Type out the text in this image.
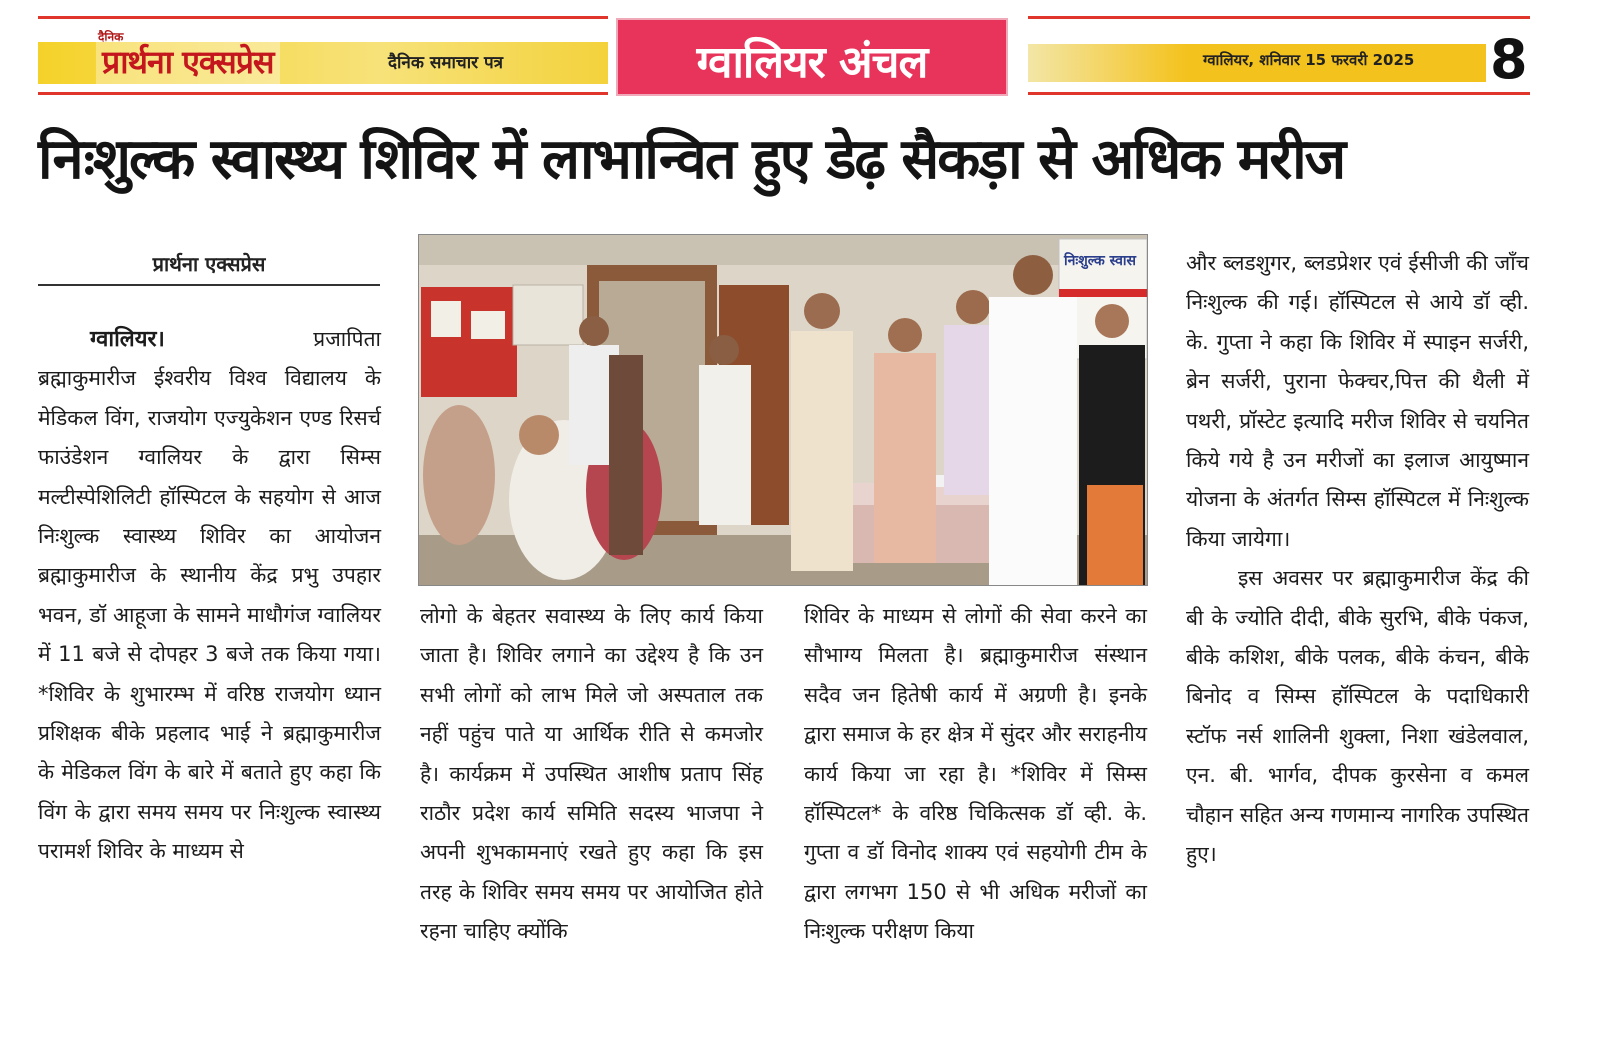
दैनिक
प्रार्थना एक्सप्रेस	दैनिक समाचार पत्र	ग्वालियर अंचल	ग्वालियर, शनिवार 15 फरवरी 2025 8
निःशुल्क स्वास्थ्य शिविर में लाभान्वित हुए डेढ़ सैकड़ा से अधिक मरीज
प्रार्थना एक्सप्रेस

ग्वालियर।	प्रजापिता ब्रह्माकुमारीज ईश्वरीय विश्व विद्यालय के मेडिकल विंग, राजयोग एज्युकेशन एण्ड रिसर्च फाउंडेशन ग्वालियर के द्वारा सिम्स मल्टीस्पेशिलिटी हॉस्पिटल के सहयोग से आज निःशुल्क स्वास्थ्य शिविर का आयोजन ब्रह्माकुमारीज के स्थानीय केंद्र प्रभु उपहार भवन, डॉ आहूजा के सामने माधौगंज ग्वालियर में 11 बजे से दोपहर 3 बजे तक किया गया। *शिविर के शुभारम्भ में वरिष्ठ राजयोग ध्यान प्रशिक्षक बीके प्रहलाद भाई ने ब्रह्माकुमारीज के मेडिकल विंग के बारे में बताते हुए कहा कि विंग के द्वारा समय समय पर निःशुल्क स्वास्थ्य परामर्श शिविर के माध्यम से

निःशुल्क स्वास

लोगो के बेहतर सवास्थ्य के लिए कार्य किया जाता है। शिविर लगाने का उद्देश्य है कि उन सभी लोगों को लाभ मिले जो अस्पताल तक नहीं पहुंच पाते या आर्थिक रीति से कमजोर है। कार्यक्रम में उपस्थित आशीष प्रताप सिंह राठौर प्रदेश कार्य समिति सदस्य भाजपा ने अपनी शुभकामनाएं रखते हुए कहा कि इस तरह के शिविर समय समय पर आयोजित होते रहना चाहिए क्योंकि

शिविर के माध्यम से लोगों की सेवा करने का सौभाग्य मिलता है। ब्रह्माकुमारीज संस्थान सदैव जन हितेषी कार्य में अग्रणी है। इनके द्वारा समाज के हर क्षेत्र में सुंदर और सराहनीय कार्य किया जा रहा है। *शिविर में सिम्स हॉस्पिटल* के वरिष्ठ चिकित्सक डॉ व्ही. के. गुप्ता व डॉ विनोद शाक्य एवं सहयोगी टीम के द्वारा लगभग 150 से भी अधिक मरीजों का निःशुल्क परीक्षण किया

और ब्लडशुगर, ब्लडप्रेशर एवं ईसीजी की जाँच निःशुल्क की गई। हॉस्पिटल से आये डॉ व्ही. के. गुप्ता ने कहा कि शिविर में स्पाइन सर्जरी, ब्रेन सर्जरी, पुराना फेक्चर,पित्त की थैली में पथरी, प्रॉस्टेट इत्यादि मरीज शिविर से चयनित किये गये है उन मरीजों का इलाज आयुष्मान योजना के अंतर्गत सिम्स हॉस्पिटल में निःशुल्क किया जायेगा।

इस अवसर पर ब्रह्माकुमारीज केंद्र की बी के ज्योति दीदी, बीके सुरभि, बीके पंकज, बीके कशिश, बीके पलक, बीके कंचन, बीके बिनोद व सिम्स हॉस्पिटल के पदाधिकारी स्टॉफ नर्स शालिनी शुक्ला, निशा खंडेलवाल, एन. बी. भार्गव, दीपक कुरसेना व कमल चौहान सहित अन्य गणमान्य नागरिक उपस्थित हुए।
